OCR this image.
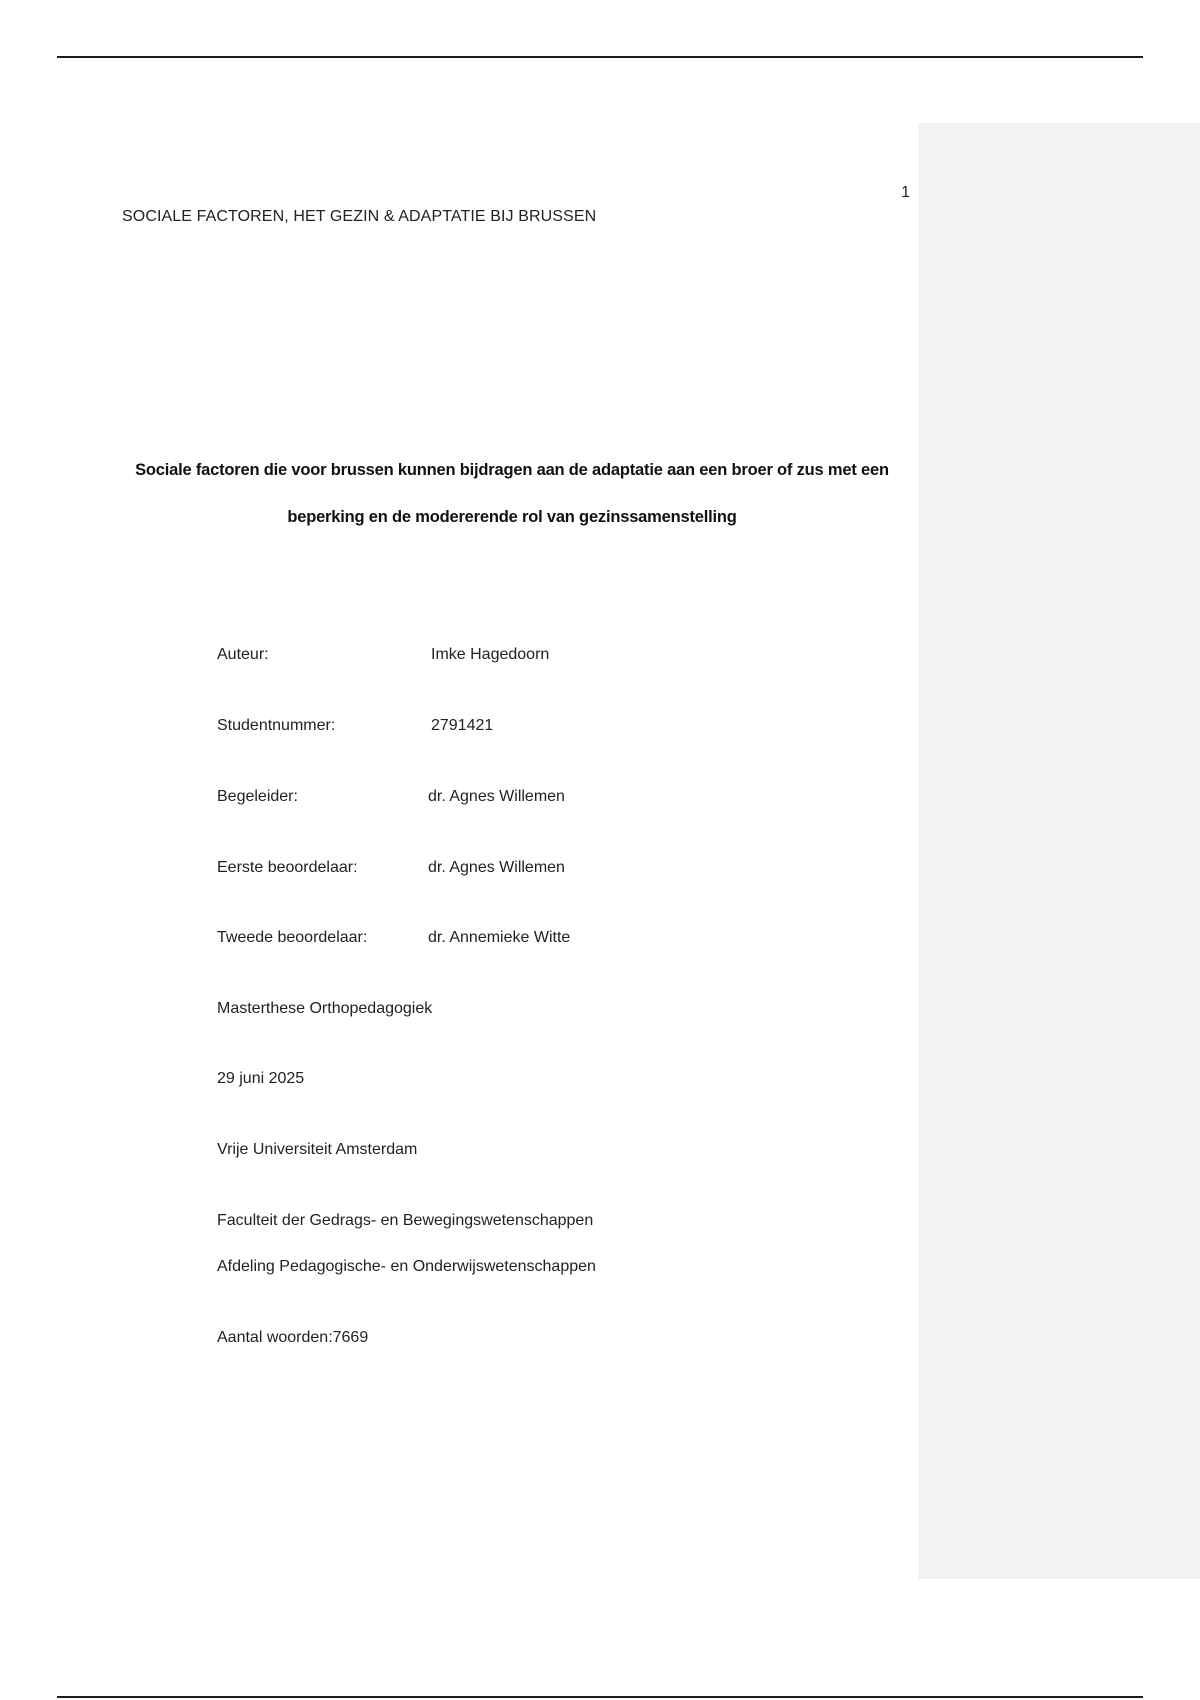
1
SOCIALE FACTOREN, HET GEZIN & ADAPTATIE BIJ BRUSSEN
Sociale factoren die voor brussen kunnen bijdragen aan de adaptatie aan een broer of zus met een
beperking en de modererende rol van gezinssamenstelling
Auteur:	Imke Hagedoorn
Studentnummer:	2791421
Begeleider:	dr. Agnes Willemen
Eerste beoordelaar:	dr. Agnes Willemen
Tweede beoordelaar:	dr. Annemieke Witte
Masterthese Orthopedagogiek
29 juni 2025
Vrije Universiteit Amsterdam
Faculteit der Gedrags- en Bewegingswetenschappen
Afdeling Pedagogische- en Onderwijswetenschappen
Aantal woorden:7669
